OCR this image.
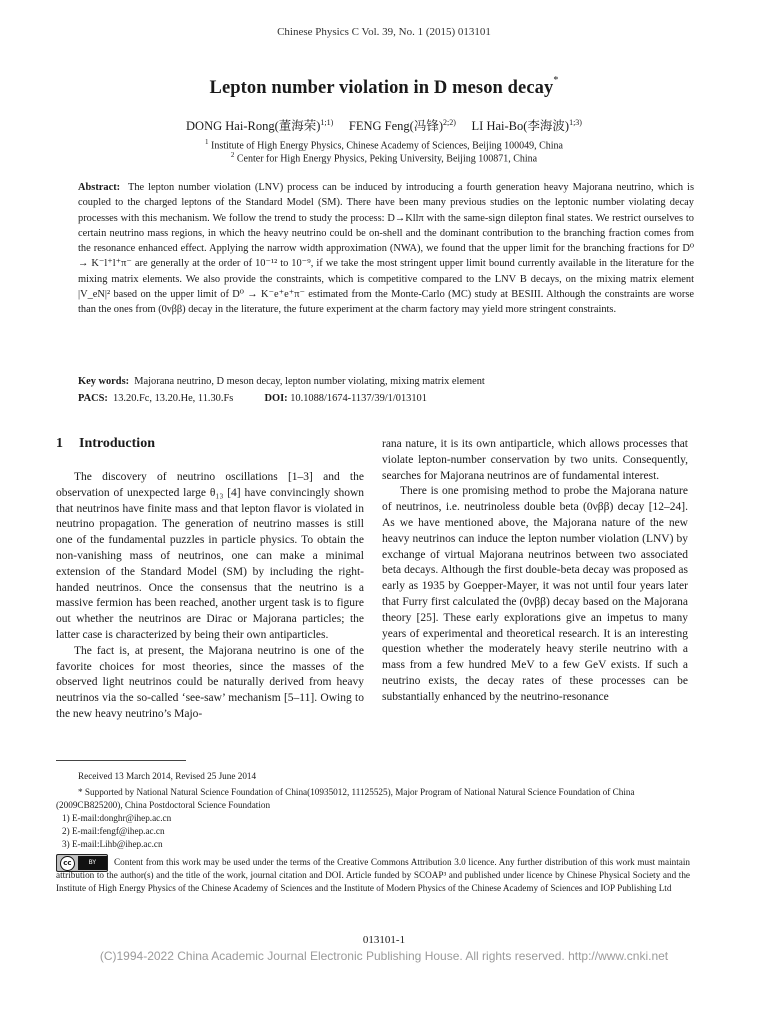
Chinese Physics C Vol. 39, No. 1 (2015) 013101
Lepton number violation in D meson decay*
DONG Hai-Rong(董海荣)$^{1;1)}$ FENG Feng(冯锋)$^{2;2)}$ LI Hai-Bo(李海波)$^{1;3)}$
$^1$ Institute of High Energy Physics, Chinese Academy of Sciences, Beijing 100049, China
$^2$ Center for High Energy Physics, Peking University, Beijing 100871, China
Abstract: The lepton number violation (LNV) process can be induced by introducing a fourth generation heavy Majorana neutrino, which is coupled to the charged leptons of the Standard Model (SM). There have been many previous studies on the leptonic number violating decay processes with this mechanism. We follow the trend to study the process: D→Kllπ with the same-sign dilepton final states. We restrict ourselves to certain neutrino mass regions, in which the heavy neutrino could be on-shell and the dominant contribution to the branching fraction comes from the resonance enhanced effect. Applying the narrow width approximation (NWA), we found that the upper limit for the branching fractions for D⁰ → K⁻l⁺l⁺π⁻ are generally at the order of 10⁻¹² to 10⁻⁹, if we take the most stringent upper limit bound currently available in the literature for the mixing matrix elements. We also provide the constraints, which is competitive compared to the LNV B decays, on the mixing matrix element |V_eN|² based on the upper limit of D⁰ → K⁻e⁺e⁺π⁻ estimated from the Monte-Carlo (MC) study at BESIII. Although the constraints are worse than the ones from (0νββ) decay in the literature, the future experiment at the charm factory may yield more stringent constraints.
Key words: Majorana neutrino, D meson decay, lepton number violating, mixing matrix element
PACS: 13.20.Fc, 13.20.He, 11.30.Fs	DOI: 10.1088/1674-1137/39/1/013101
1 Introduction

The discovery of neutrino oscillations [1–3] and the observation of unexpected large θ₁₃ [4] have convincingly shown that neutrinos have finite mass and that lepton flavor is violated in neutrino propagation. The generation of neutrino masses is still one of the fundamental puzzles in particle physics. To obtain the non-vanishing mass of neutrinos, one can make a minimal extension of the Standard Model (SM) by including the right-handed neutrinos. Once the consensus that the neutrino is a massive fermion has been reached, another urgent task is to figure out whether the neutrinos are Dirac or Majorana particles; the latter case is characterized by being their own antiparticles.

The fact is, at present, the Majorana neutrino is one of the favorite choices for most theories, since the masses of the observed light neutrinos could be naturally derived from heavy neutrinos via the so-called ‘see-saw’ mechanism [5–11]. Owing to the new heavy neutrino’s Majo-

rana nature, it is its own antiparticle, which allows processes that violate lepton-number conservation by two units. Consequently, searches for Majorana neutrinos are of fundamental interest.

There is one promising method to probe the Majorana nature of neutrinos, i.e. neutrinoless double beta (0νββ) decay [12–24]. As we have mentioned above, the Majorana nature of the new heavy neutrinos can induce the lepton number violation (LNV) by exchange of virtual Majorana neutrinos between two associated beta decays. Although the first double-beta decay was proposed as early as 1935 by Goepper-Mayer, it was not until four years later that Furry first calculated the (0νββ) decay based on the Majorana theory [25]. These early explorations give an impetus to many years of experimental and theoretical research. It is an interesting question whether the moderately heavy sterile neutrino with a mass from a few hundred MeV to a few GeV exists. If such a neutrino exists, the decay rates of these processes can be substantially enhanced by the neutrino-resonance

Received 13 March 2014, Revised 25 June 2014
* Supported by National Natural Science Foundation of China(10935012, 11125525), Major Program of National Natural Science Foundation of China (2009CB825200), China Postdoctoral Science Foundation
1) E-mail:donghr@ihep.ac.cn
2) E-mail:fengf@ihep.ac.cn
3) E-mail:Lihb@ihep.ac.cn
cc	BY	Content from this work may be used under the terms of the Creative Commons Attribution 3.0 licence. Any further distribution of this work must maintain attribution to the author(s) and the title of the work, journal citation and DOI. Article funded by SCOAP³ and published under licence by Chinese Physical Society and the Institute of High Energy Physics of the Chinese Academy of Sciences and the Institute of Modern Physics of the Chinese Academy of Sciences and IOP Publishing Ltd
013101-1
(C)1994-2022 China Academic Journal Electronic Publishing House. All rights reserved. http://www.cnki.net
